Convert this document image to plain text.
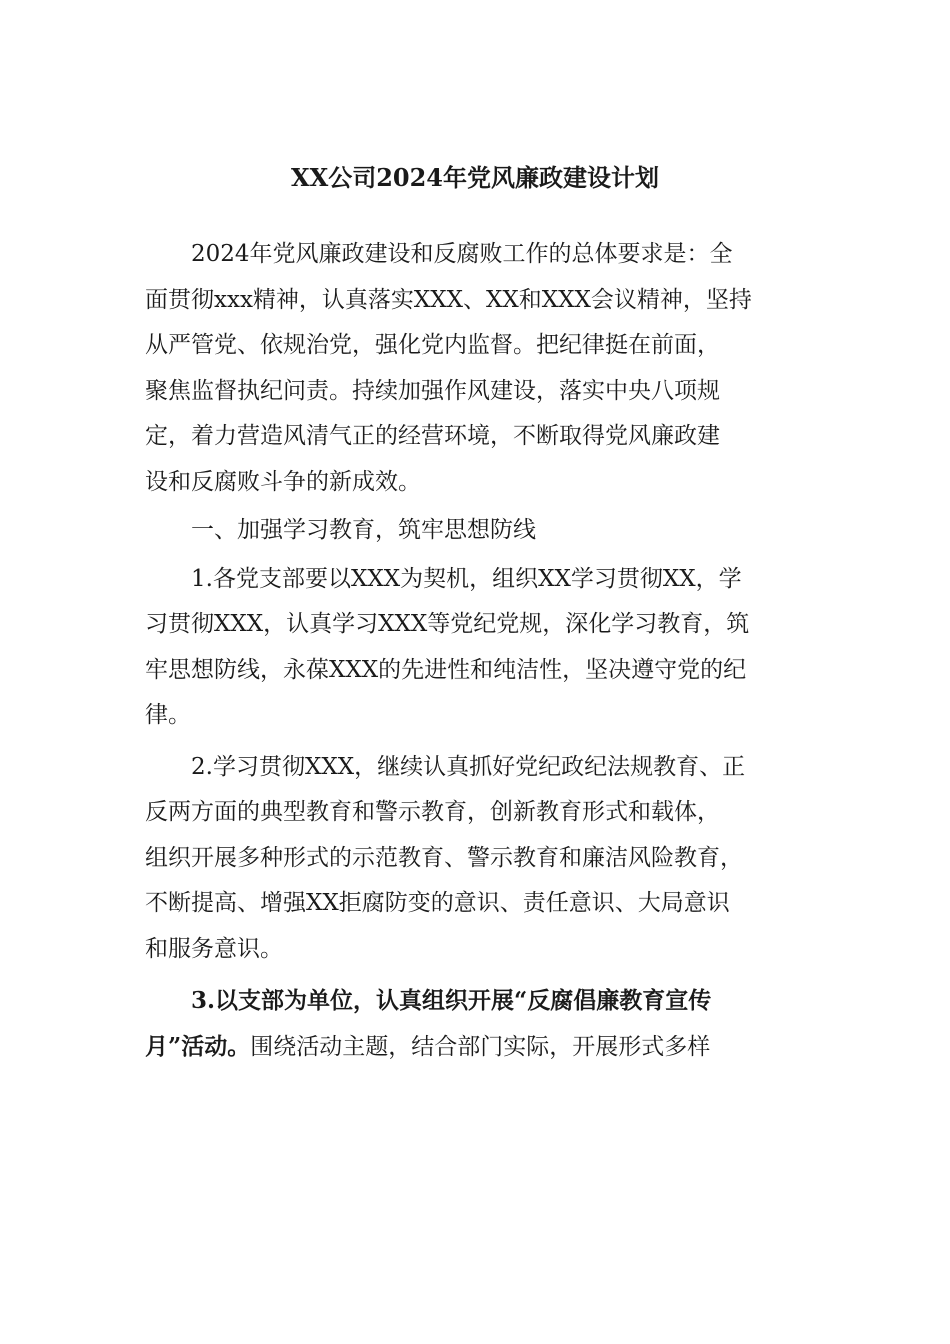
XX公司2024年党风廉政建设计划
2024年党风廉政建设和反腐败工作的总体要求是：全
面贯彻xxx精神，认真落实XXX、XX和XXX会议精神，坚持
从严管党、依规治党，强化党内监督。把纪律挺在前面，
聚焦监督执纪问责。持续加强作风建设，落实中央八项规
定，着力营造风清气正的经营环境，不断取得党风廉政建
设和反腐败斗争的新成效。
一、加强学习教育，筑牢思想防线
1.各党支部要以XXX为契机，组织XX学习贯彻XX，学
习贯彻XXX，认真学习XXX等党纪党规，深化学习教育，筑
牢思想防线，永葆XXX的先进性和纯洁性，坚决遵守党的纪
律。
2.学习贯彻XXX，继续认真抓好党纪政纪法规教育、正
反两方面的典型教育和警示教育，创新教育形式和载体，
组织开展多种形式的示范教育、警示教育和廉洁风险教育，
不断提高、增强XX拒腐防变的意识、责任意识、大局意识
和服务意识。
3.以支部为单位，认真组织开展“反腐倡廉教育宣传
月”活动。围绕活动主题，结合部门实际，开展形式多样
